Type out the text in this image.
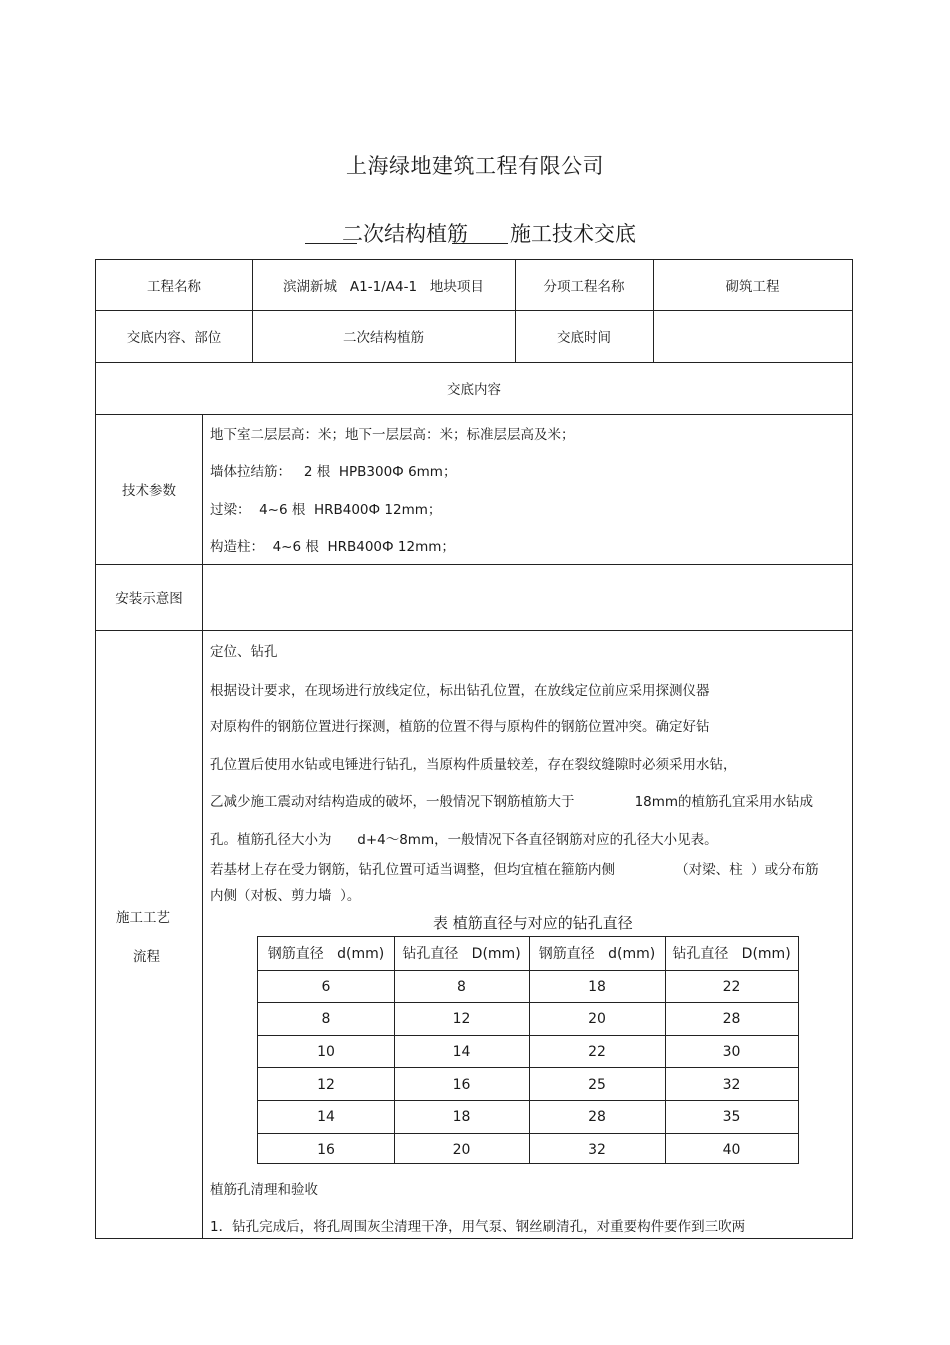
上海绿地建筑工程有限公司
二次结构植筋 施工技术交底
工程名称	滨湖新城   A1-1/A4-1   地块项目	分项工程名称	砌筑工程
交底内容、部位	二次结构植筋	交底时间
交底内容
技术参数
地下室二层层高：米；地下一层层高：米；标准层层高及米；
墙体拉结筋：   2 根  HPB300Ф 6mm；
过梁：  4~6 根  HRB400Ф 12mm；
构造柱：  4~6 根  HRB400Ф 12mm；
安装示意图
施工工艺
流程
定位、钻孔
根据设计要求，在现场进行放线定位，标出钻孔位置，在放线定位前应采用探测仪器
对原构件的钢筋位置进行探测，植筋的位置不得与原构件的钢筋位置冲突。确定好钻
孔位置后使用水钻或电锤进行钻孔，当原构件质量较差，存在裂纹缝隙时必须采用水钻，
乙减少施工震动对结构造成的破坏，一般情况下钢筋植筋大于              18mm的植筋孔宜采用水钻成
孔。植筋孔径大小为      d+4～8mm，一般情况下各直径钢筋对应的孔径大小见表。
若基材上存在受力钢筋，钻孔位置可适当调整，但均宜植在箍筋内侧              （对梁、柱  ）或分布筋
内侧（对板、剪力墙  ）。
表 植筋直径与对应的钻孔直径
植筋孔清理和验收
1．钻孔完成后，将孔周围灰尘清理干净，用气泵、钢丝刷清孔，对重要构件要作到三吹两
钢筋直径   d(mm)	钻孔直径   D(mm)	钢筋直径   d(mm)	钻孔直径   D(mm)
6	8	18	22
8	12	20	28
10	14	22	30
12	16	25	32
14	18	28	35
16	20	32	40
